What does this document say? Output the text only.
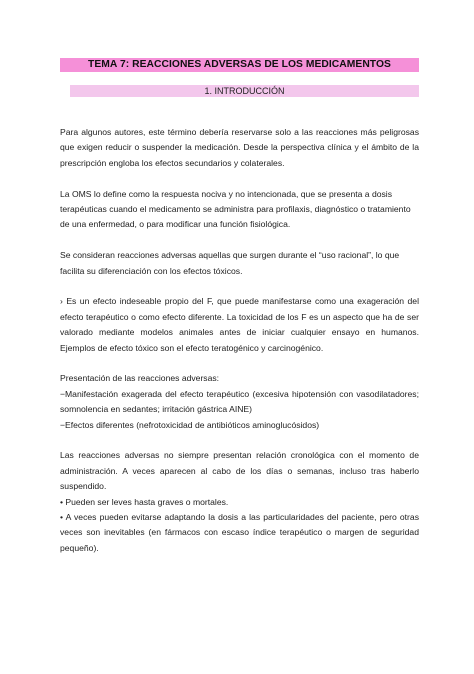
TEMA 7: REACCIONES ADVERSAS DE LOS MEDICAMENTOS
1. INTRODUCCIÓN

Para algunos autores, este término debería reservarse solo a las reacciones más peligrosas que exigen reducir o suspender la medicación. Desde la perspectiva clínica y el ámbito de la prescripción engloba los efectos secundarios y colaterales.

La OMS lo define como la respuesta nociva y no intencionada, que se presenta a dosis terapéuticas cuando el medicamento se administra para profilaxis, diagnóstico o tratamiento de una enfermedad, o para modificar una función fisiológica.

Se consideran reacciones adversas aquellas que surgen durante el “uso racional”, lo que facilita su diferenciación con los efectos tóxicos.

› Es un efecto indeseable propio del F, que puede manifestarse como una exageración del efecto terapéutico o como efecto diferente. La toxicidad de los F es un aspecto que ha de ser valorado mediante modelos animales antes de iniciar cualquier ensayo en humanos. Ejemplos de efecto tóxico son el efecto teratogénico y carcinogénico.

Presentación de las reacciones adversas:
−Manifestación exagerada del efecto terapéutico (excesiva hipotensión con vasodilatadores; somnolencia en sedantes; irritación gástrica AINE)
−Efectos diferentes (nefrotoxicidad de antibióticos aminoglucósidos)
Las reacciones adversas no siempre presentan relación cronológica con el momento de administración. A veces aparecen al cabo de los días o semanas, incluso tras haberlo suspendido.
• Pueden ser leves hasta graves o mortales.
• A veces pueden evitarse adaptando la dosis a las particularidades del paciente, pero otras veces son inevitables (en fármacos con escaso índice terapéutico o margen de seguridad pequeño).
